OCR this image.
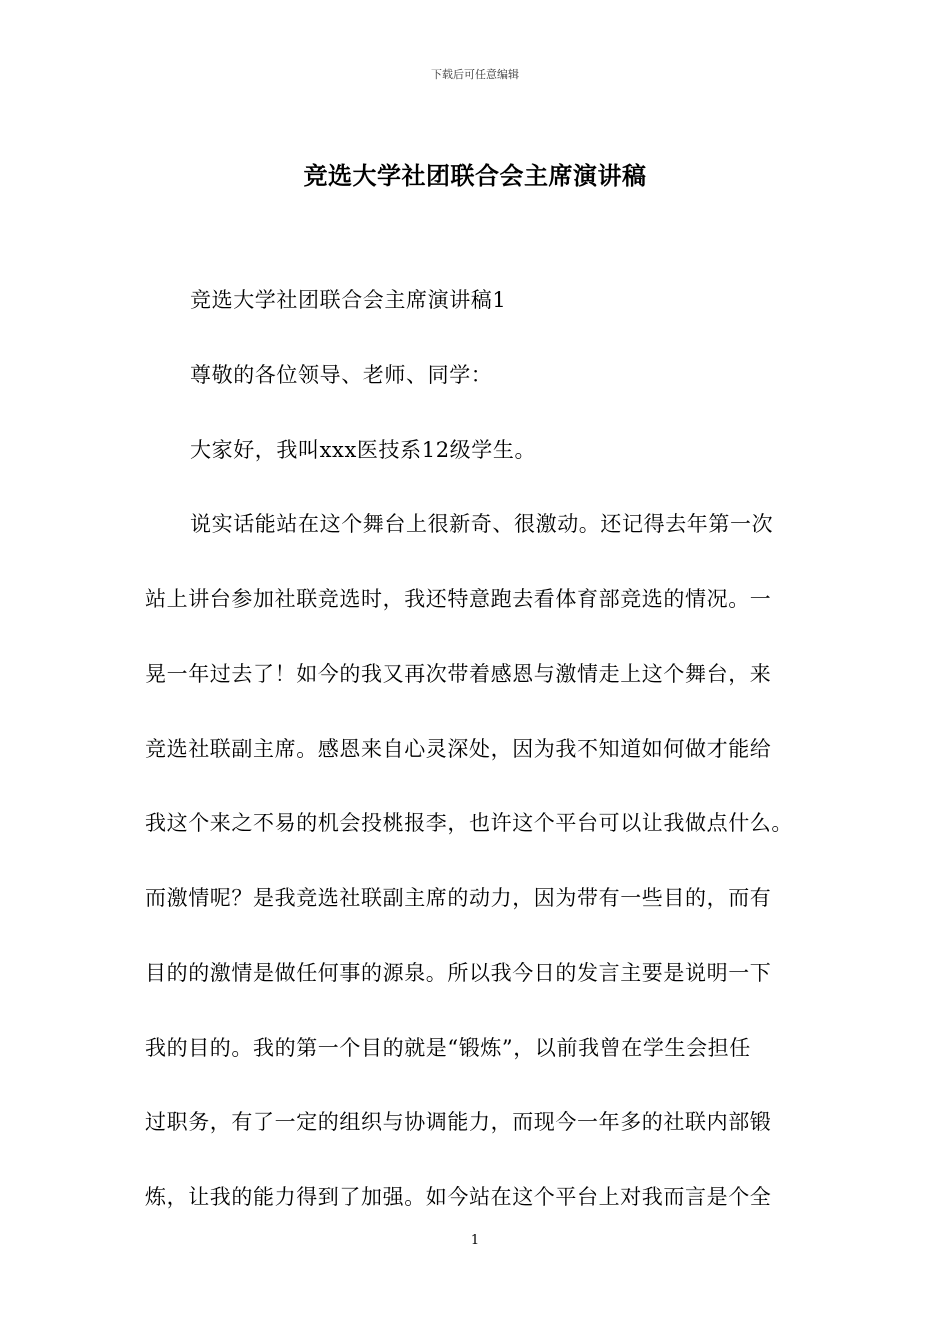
下载后可任意编辑
竞选大学社团联合会主席演讲稿
竞选大学社团联合会主席演讲稿1
尊敬的各位领导、老师、同学：
大家好，我叫xxx医技系12级学生。
说实话能站在这个舞台上很新奇、很激动。还记得去年第一次
站上讲台参加社联竞选时，我还特意跑去看体育部竞选的情况。一
晃一年过去了！如今的我又再次带着感恩与激情走上这个舞台，来
竞选社联副主席。感恩来自心灵深处，因为我不知道如何做才能给
我这个来之不易的机会投桃报李，也许这个平台可以让我做点什么。
而激情呢？是我竞选社联副主席的动力，因为带有一些目的，而有
目的的激情是做任何事的源泉。所以我今日的发言主要是说明一下
我的目的。我的第一个目的就是“锻炼”，以前我曾在学生会担任
过职务，有了一定的组织与协调能力，而现今一年多的社联内部锻
炼，让我的能力得到了加强。如今站在这个平台上对我而言是个全
1
